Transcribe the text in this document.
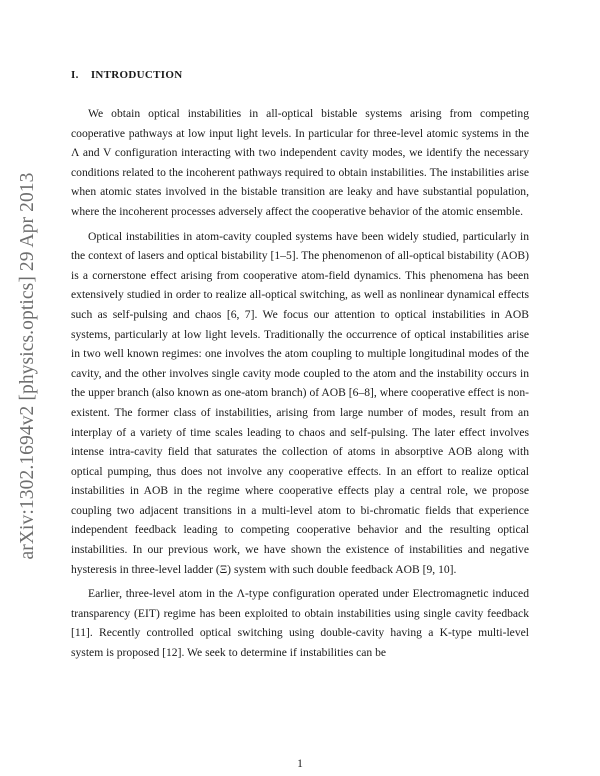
arXiv:1302.1694v2 [physics.optics] 29 Apr 2013
I. INTRODUCTION

We obtain optical instabilities in all-optical bistable systems arising from competing cooperative pathways at low input light levels. In particular for three-level atomic systems in the Λ and V configuration interacting with two independent cavity modes, we identify the necessary conditions related to the incoherent pathways required to obtain instabilities. The instabilities arise when atomic states involved in the bistable transition are leaky and have substantial population, where the incoherent processes adversely affect the cooperative behavior of the atomic ensemble.

Optical instabilities in atom-cavity coupled systems have been widely studied, particularly in the context of lasers and optical bistability [1–5]. The phenomenon of all-optical bistability (AOB) is a cornerstone effect arising from cooperative atom-field dynamics. This phenomena has been extensively studied in order to realize all-optical switching, as well as nonlinear dynamical effects such as self-pulsing and chaos [6, 7]. We focus our attention to optical instabilities in AOB systems, particularly at low light levels. Traditionally the occurrence of optical instabilities arise in two well known regimes: one involves the atom coupling to multiple longitudinal modes of the cavity, and the other involves single cavity mode coupled to the atom and the instability occurs in the upper branch (also known as one-atom branch) of AOB [6–8], where cooperative effect is non-existent. The former class of instabilities, arising from large number of modes, result from an interplay of a variety of time scales leading to chaos and self-pulsing. The later effect involves intense intra-cavity field that saturates the collection of atoms in absorptive AOB along with optical pumping, thus does not involve any cooperative effects. In an effort to realize optical instabilities in AOB in the regime where cooperative effects play a central role, we propose coupling two adjacent transitions in a multi-level atom to bi-chromatic fields that experience independent feedback leading to competing cooperative behavior and the resulting optical instabilities. In our previous work, we have shown the existence of instabilities and negative hysteresis in three-level ladder (Ξ) system with such double feedback AOB [9, 10].

Earlier, three-level atom in the Λ-type configuration operated under Electromagnetic induced transparency (EIT) regime has been exploited to obtain instabilities using single cavity feedback [11]. Recently controlled optical switching using double-cavity having a K-type multi-level system is proposed [12]. We seek to determine if instabilities can be

1
